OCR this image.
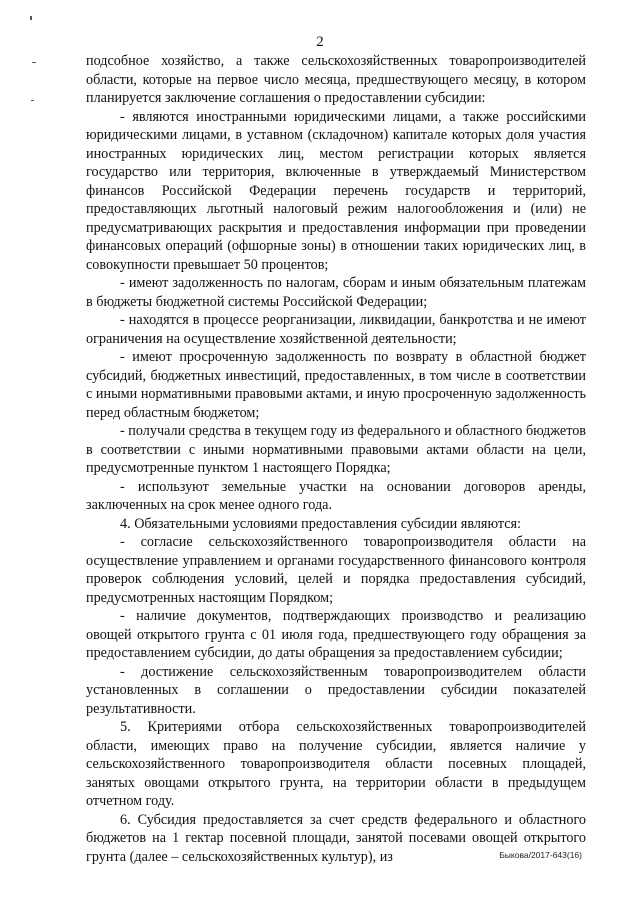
2

подсобное хозяйство, а также сельскохозяйственных товаропроизводителей области, которые на первое число месяца, предшествующего месяцу, в котором планируется заключение соглашения о предоставлении субсидии:

- являются иностранными юридическими лицами, а также российскими юридическими лицами, в уставном (складочном) капитале которых доля участия иностранных юридических лиц, местом регистрации которых является государство или территория, включенные в утверждаемый Министерством финансов Российской Федерации перечень государств и территорий, предоставляющих льготный налоговый режим налогообложения и (или) не предусматривающих раскрытия и предоставления информации при проведении финансовых операций (офшорные зоны) в отношении таких юридических лиц, в совокупности превышает 50 процентов;

- имеют задолженность по налогам, сборам и иным обязательным платежам в бюджеты бюджетной системы Российской Федерации;

- находятся в процессе реорганизации, ликвидации, банкротства и не имеют ограничения на осуществление хозяйственной деятельности;

- имеют просроченную задолженность по возврату в областной бюджет субсидий, бюджетных инвестиций, предоставленных, в том числе в соответствии с иными нормативными правовыми актами, и иную просроченную задолженность перед областным бюджетом;

- получали средства в текущем году из федерального и областного бюджетов в соответствии с иными нормативными правовыми актами области на цели, предусмотренные пунктом 1 настоящего Порядка;

- используют земельные участки на основании договоров аренды, заключенных на срок менее одного года.

4. Обязательными условиями предоставления субсидии являются:

- согласие сельскохозяйственного товаропроизводителя области на осуществление управлением и органами государственного финансового контроля проверок соблюдения условий, целей и порядка предоставления субсидий, предусмотренных настоящим Порядком;

- наличие документов, подтверждающих производство и реализацию овощей открытого грунта с 01 июля года, предшествующего году обращения за предоставлением субсидии, до даты обращения за предоставлением субсидии;

- достижение сельскохозяйственным товаропроизводителем области установленных в соглашении о предоставлении субсидии показателей результативности.

5. Критериями отбора сельскохозяйственных товаропроизводителей области, имеющих право на получение субсидии, является наличие у сельскохозяйственного товаропроизводителя области посевных площадей, занятых овощами открытого грунта, на территории области в предыдущем отчетном году.

6. Субсидия предоставляется за счет средств федерального и областного бюджетов на 1 гектар посевной площади, занятой посевами овощей открытого грунта (далее – сельскохозяйственных культур), из	Быкова/2017-643(16)
